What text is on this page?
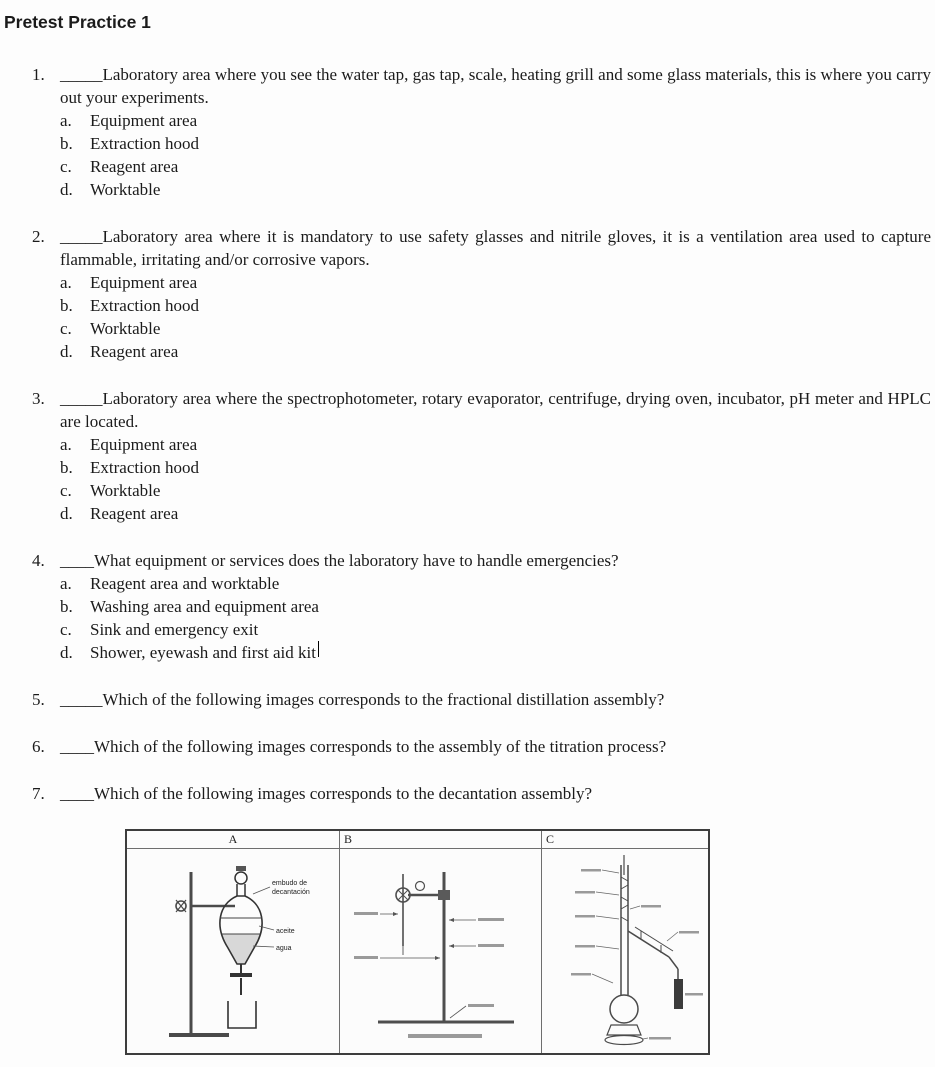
Pretest Practice 1
1. _____Laboratory area where you see the water tap, gas tap, scale, heating grill and some glass materials, this is where you carry out your experiments.

a.	Equipment area
b.	Extraction hood
c.	Reagent area
d.	Worktable
2. _____Laboratory area where it is mandatory to use safety glasses and nitrile gloves, it is a ventilation area used to capture flammable, irritating and/or corrosive vapors.

a.	Equipment area
b.	Extraction hood
c.	Worktable
d.	Reagent area
3. _____Laboratory area where the spectrophotometer, rotary evaporator, centrifuge, drying oven, incubator, pH meter and HPLC are located.

a.	Equipment area
b.	Extraction hood
c.	Worktable
d.	Reagent area
4. ____What equipment or services does the laboratory have to handle emergencies?

a.	Reagent area and worktable
b.	Washing area and equipment area
c.	Sink and emergency exit
d.	Shower, eyewash and first aid kit
5. _____Which of the following images corresponds to the fractional distillation assembly?

6. ____Which of the following images corresponds to the assembly of the titration process?

7. ____Which of the following images corresponds to the decantation assembly?

A
embudo de
decantación
aceite
agua
B	C
